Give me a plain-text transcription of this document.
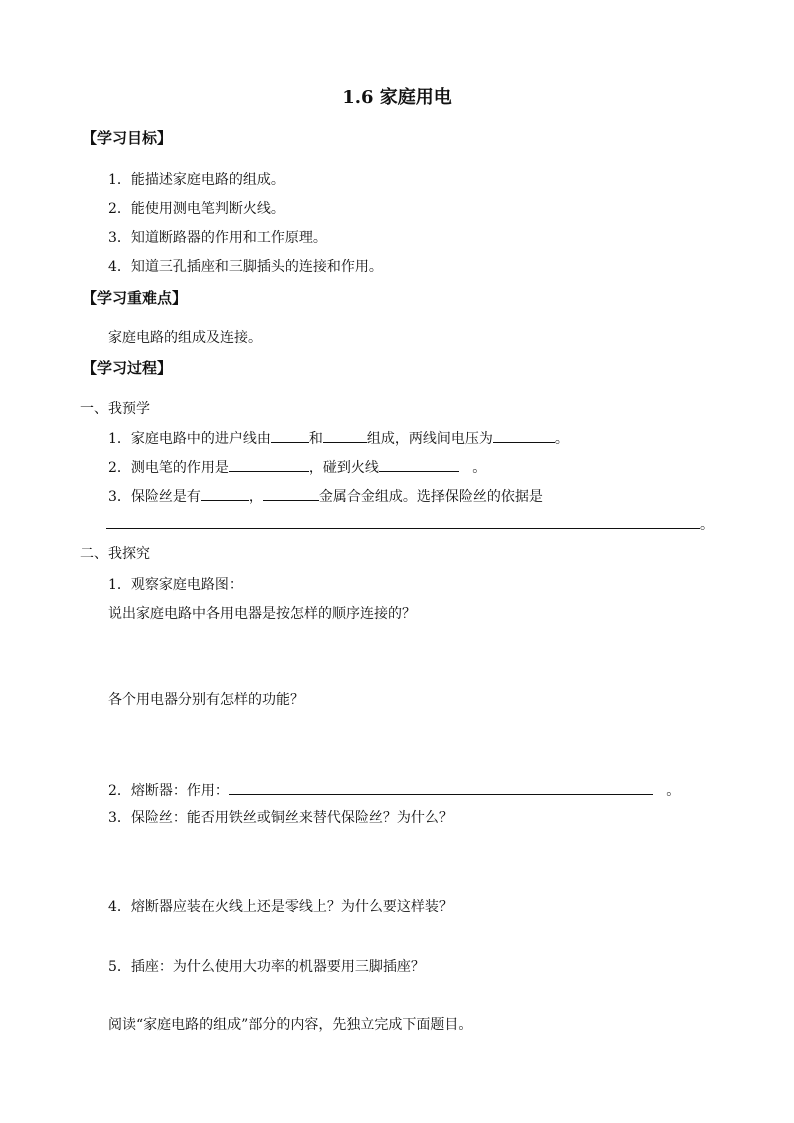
1.6 家庭用电
【学习目标】
1．能描述家庭电路的组成。
2．能使用测电笔判断火线。
3．知道断路器的作用和工作原理。
4．知道三孔插座和三脚插头的连接和作用。
【学习重难点】
家庭电路的组成及连接。
【学习过程】
一、我预学
1．家庭电路中的进户线由	和	组成，两线间电压为	。
2．测电笔的作用是	，碰到火线	。
3．保险丝是有	，	金属合金组成。选择保险丝的依据是
。
二、我探究
1．观察家庭电路图：
说出家庭电路中各用电器是按怎样的顺序连接的？
各个用电器分别有怎样的功能？
2．熔断器：作用：	。
3．保险丝：能否用铁丝或铜丝来替代保险丝？为什么？
4．熔断器应装在火线上还是零线上？为什么要这样装？
5．插座：为什么使用大功率的机器要用三脚插座？
阅读“家庭电路的组成”部分的内容，先独立完成下面题目。
